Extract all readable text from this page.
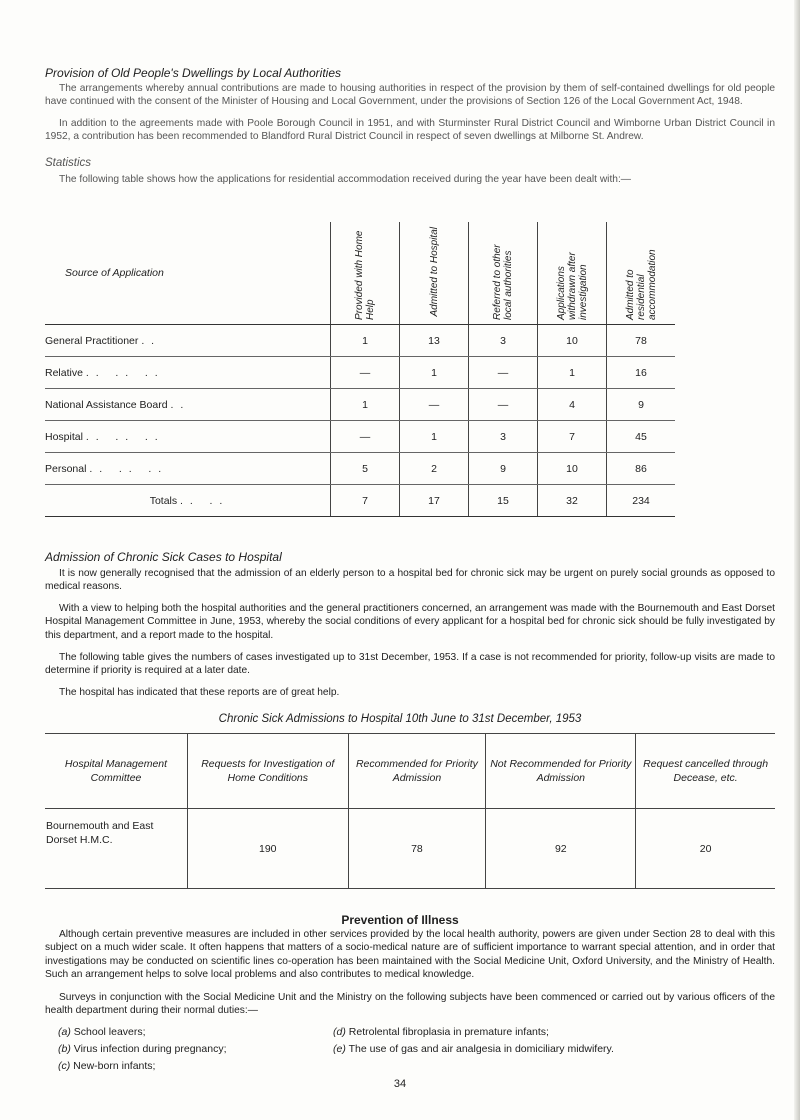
Provision of Old People's Dwellings by Local Authorities
The arrangements whereby annual contributions are made to housing authorities in respect of the provision by them of self-contained dwellings for old people have continued with the consent of the Minister of Housing and Local Government, under the provisions of Section 126 of the Local Government Act, 1948.
In addition to the agreements made with Poole Borough Council in 1951, and with Sturminster Rural District Council and Wimborne Urban District Council in 1952, a contribution has been recommended to Blandford Rural District Council in respect of seven dwellings at Milborne St. Andrew.
Statistics
The following table shows how the applications for residential accommodation received during the year have been dealt with:—
Source of Application	Provided with Home Help	Admitted to Hospital	Referred to other local authorities	Applications withdrawn after investigation	Admitted to residential accommodation
General Practitioner . .	1	13	3	10	78
Relative . .   . .   . .	—	1	—	1	16
National Assistance Board . .	1	—	—	4	9
Hospital . .   . .   . .	—	1	3	7	45
Personal . .   . .   . .	5	2	9	10	86
Totals . .   . .	7	17	15	32	234
Admission of Chronic Sick Cases to Hospital
It is now generally recognised that the admission of an elderly person to a hospital bed for chronic sick may be urgent on purely social grounds as opposed to medical reasons.
With a view to helping both the hospital authorities and the general practitioners concerned, an arrangement was made with the Bournemouth and East Dorset Hospital Management Committee in June, 1953, whereby the social conditions of every applicant for a hospital bed for chronic sick should be fully investigated by this department, and a report made to the hospital.
The following table gives the numbers of cases investigated up to 31st December, 1953. If a case is not recommended for priority, follow-up visits are made to determine if priority is required at a later date.
The hospital has indicated that these reports are of great help.
Chronic Sick Admissions to Hospital 10th June to 31st December, 1953
Hospital Management Committee	Requests for Investigation of Home Conditions	Recommended for Priority Admission	Not Recommended for Priority Admission	Request cancelled through Decease, etc.
Bournemouth and East Dorset H.M.C.	190	78	92	20
Prevention of Illness
Although certain preventive measures are included in other services provided by the local health authority, powers are given under Section 28 to deal with this subject on a much wider scale. It often happens that matters of a socio-medical nature are of sufficient importance to warrant special attention, and in order that investigations may be conducted on scientific lines co-operation has been maintained with the Social Medicine Unit, Oxford University, and the Ministry of Health. Such an arrangement helps to solve local problems and also contributes to medical knowledge.
Surveys in conjunction with the Social Medicine Unit and the Ministry on the following subjects have been commenced or carried out by various officers of the health department during their normal duties:—
(a) School leavers;
(b) Virus infection during pregnancy;
(c) New-born infants;
(d) Retrolental fibroplasia in premature infants;
(e) The use of gas and air analgesia in domiciliary midwifery.
34
